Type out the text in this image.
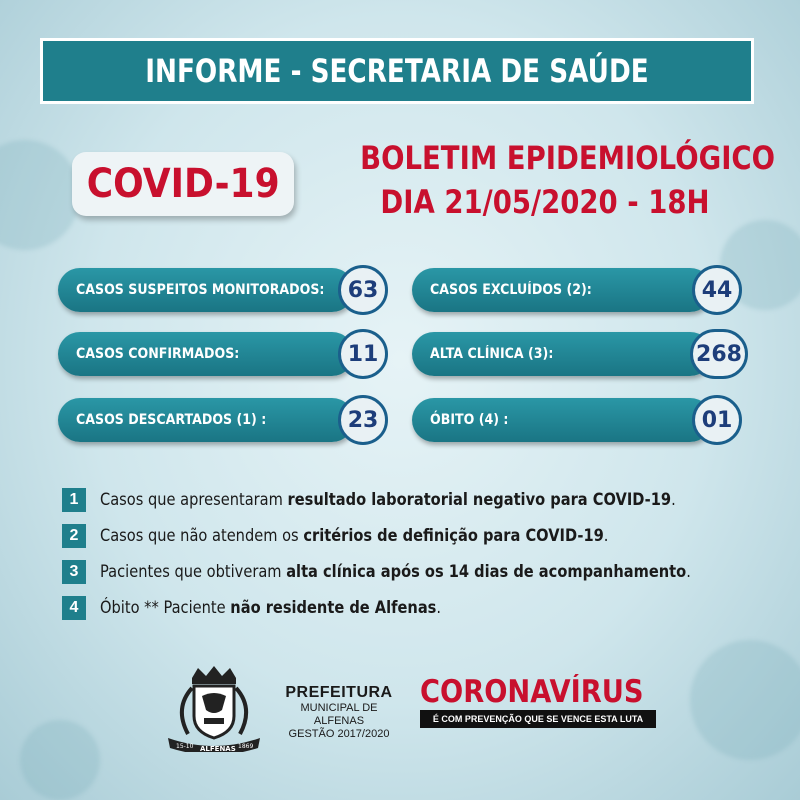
INFORME - SECRETARIA DE SAÚDE
COVID-19
BOLETIM EPIDEMIOLÓGICO
DIA 21/05/2020 - 18H
CASOS SUSPEITOS MONITORADOS:	63	CASOS EXCLUÍDOS (2):	44
CASOS CONFIRMADOS:	11	ALTA CLÍNICA (3):	268
CASOS DESCARTADOS (1) :	23	ÓBITO (4) :	01
1	Casos que apresentaram resultado laboratorial negativo para COVID-19.
2	Casos que não atendem os critérios de definição para COVID-19.
3	Pacientes que obtiveram alta clínica após os 14 dias de acompanhamento.
4	Óbito ** Paciente não residente de Alfenas.
15-10 ALFENAS 1869
PREFEITURA
MUNICIPAL DE ALFENAS
GESTÃO 2017/2020
CORONAVÍRUS
É COM PREVENÇÃO QUE SE VENCE ESTA LUTA
